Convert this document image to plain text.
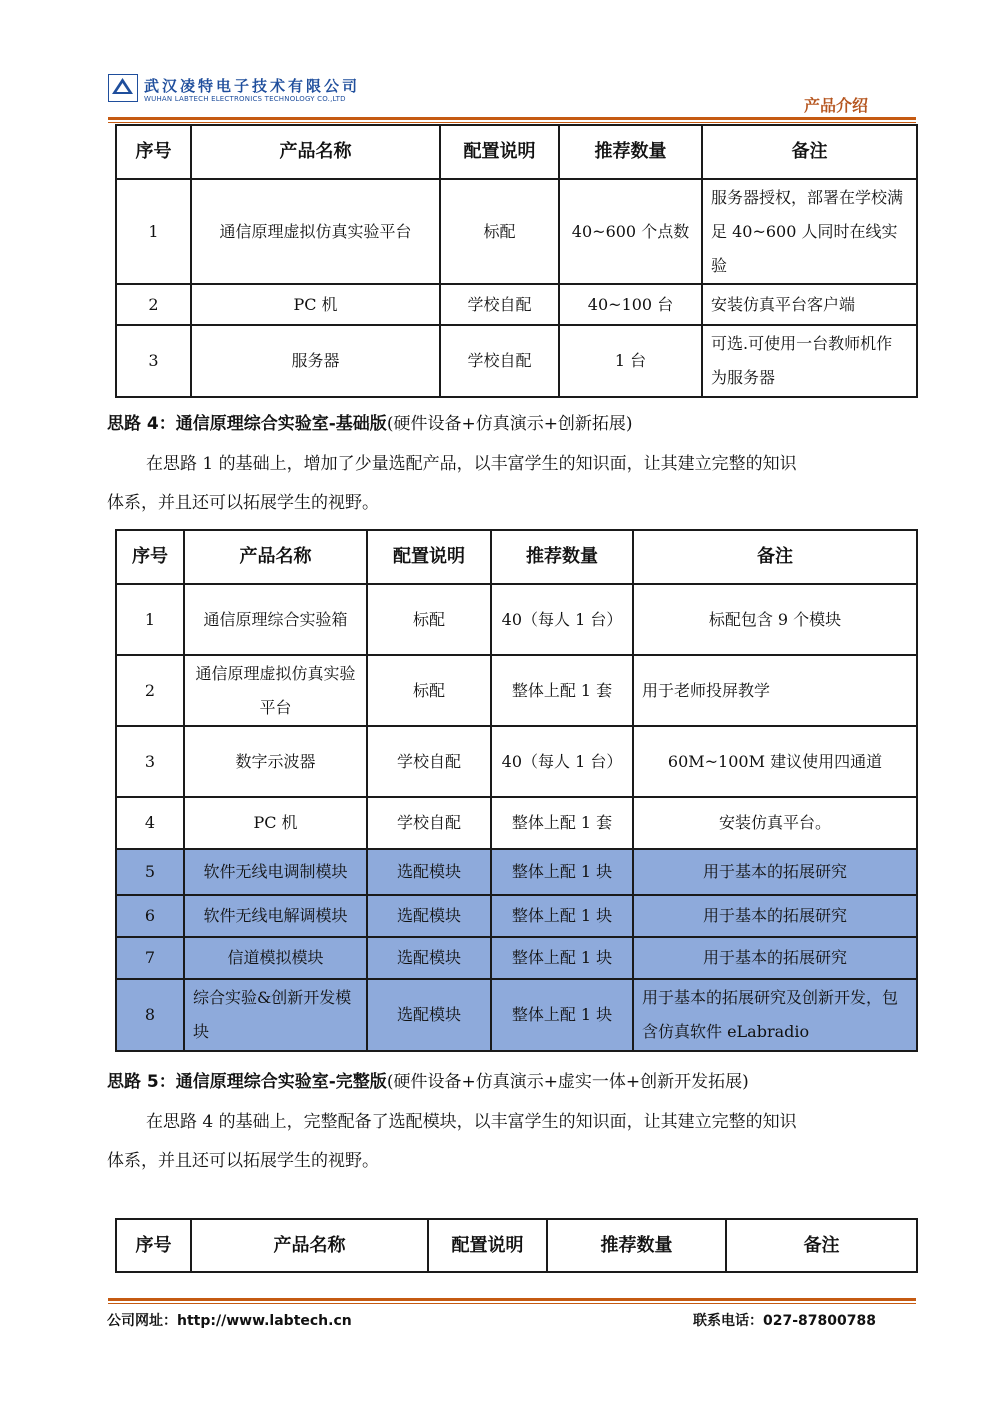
武汉凌特电子技术有限公司
WUHAN LABTECH ELECTRONICS TECHNOLOGY CO.,LTD	产品介绍
序号	产品名称	配置说明	推荐数量	备注
1	通信原理虚拟仿真实验平台	标配	40~600 个点数	服务器授权，部署在学校满足 40~600 人同时在线实验
2	PC 机	学校自配	40~100 台	安装仿真平台客户端
3	服务器	学校自配	1 台	可选.可使用一台教师机作为服务器
思路 4：通信原理综合实验室-基础版(硬件设备+仿真演示+创新拓展)
在思路 1 的基础上，增加了少量选配产品，以丰富学生的知识面，让其建立完整的知识
体系，并且还可以拓展学生的视野。
序号	产品名称	配置说明	推荐数量	备注
1	通信原理综合实验箱	标配	40（每人 1 台）	标配包含 9 个模块
2	通信原理虚拟仿真实验平台	标配	整体上配 1 套	用于老师投屏教学
3	数字示波器	学校自配	40（每人 1 台）	60M~100M 建议使用四通道
4	PC 机	学校自配	整体上配 1 套	安装仿真平台。
5	软件无线电调制模块	选配模块	整体上配 1 块	用于基本的拓展研究
6	软件无线电解调模块	选配模块	整体上配 1 块	用于基本的拓展研究
7	信道模拟模块	选配模块	整体上配 1 块	用于基本的拓展研究
8	综合实验&创新开发模块	选配模块	整体上配 1 块	用于基本的拓展研究及创新开发，包含仿真软件 eLabradio
思路 5：通信原理综合实验室-完整版(硬件设备+仿真演示+虚实一体+创新开发拓展)
在思路 4 的基础上，完整配备了选配模块，以丰富学生的知识面，让其建立完整的知识
体系，并且还可以拓展学生的视野。
序号	产品名称	配置说明	推荐数量	备注
公司网址：http://www.labtech.cn	联系电话：027-87800788
